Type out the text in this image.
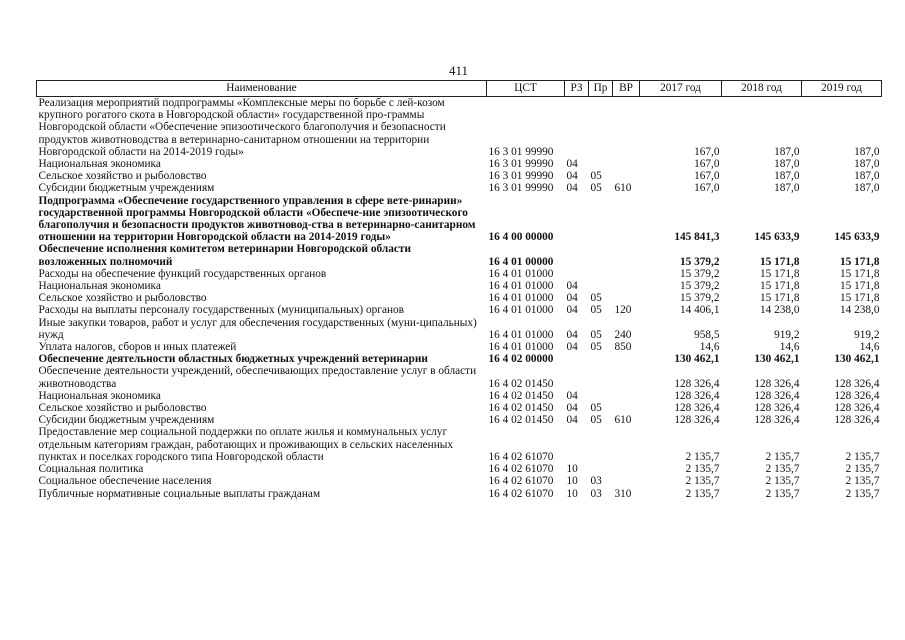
411
Наименование	ЦСТ	РЗ	Пр	ВР	2017 год	2018 год	2019 год
Реализация мероприятий подпрограммы «Комплексные меры по борьбе с лей-козом крупного рогатого скота в Новгородской области» государственной про-граммы Новгородской области «Обеспечение эпизоотического благополучия и безопасности продуктов животноводства в ветеринарно-санитарном отношении на территории Новгородской области на 2014-2019 годы»	16 3 01 99990				167,0	187,0	187,0
Национальная экономика	16 3 01 99990	04			167,0	187,0	187,0
Сельское хозяйство и рыболовство	16 3 01 99990	04	05		167,0	187,0	187,0
Субсидии бюджетным учреждениям	16 3 01 99990	04	05	610	167,0	187,0	187,0
Подпрограмма «Обеспечение государственного управления в сфере вете-ринарии» государственной программы Новгородской области «Обеспече-ние эпизоотического благополучия и безопасности продуктов животновод-ства в ветеринарно-санитарном отношении на территории Новгородской области на 2014-2019 годы»	16 4 00 00000				145 841,3	145 633,9	145 633,9
Обеспечение исполнения комитетом ветеринарии Новгородской области возложенных полномочий	16 4 01 00000				15 379,2	15 171,8	15 171,8
Расходы на обеспечение функций государственных органов	16 4 01 01000				15 379,2	15 171,8	15 171,8
Национальная экономика	16 4 01 01000	04			15 379,2	15 171,8	15 171,8
Сельское хозяйство и рыболовство	16 4 01 01000	04	05		15 379,2	15 171,8	15 171,8
Расходы на выплаты персоналу государственных (муниципальных) органов	16 4 01 01000	04	05	120	14 406,1	14 238,0	14 238,0
Иные закупки товаров, работ и услуг для обеспечения государственных (муни-ципальных) нужд	16 4 01 01000	04	05	240	958,5	919,2	919,2
Уплата налогов, сборов и иных платежей	16 4 01 01000	04	05	850	14,6	14,6	14,6
Обеспечение деятельности областных бюджетных учреждений ветеринарии	16 4 02 00000				130 462,1	130 462,1	130 462,1
Обеспечение деятельности учреждений, обеспечивающих предоставление услуг в области животноводства	16 4 02 01450				128 326,4	128 326,4	128 326,4
Национальная экономика	16 4 02 01450	04			128 326,4	128 326,4	128 326,4
Сельское хозяйство и рыболовство	16 4 02 01450	04	05		128 326,4	128 326,4	128 326,4
Субсидии бюджетным учреждениям	16 4 02 01450	04	05	610	128 326,4	128 326,4	128 326,4
Предоставление мер социальной поддержки по оплате жилья и коммунальных услуг отдельным категориям граждан, работающих и проживающих в сельских населенных пунктах и поселках городского типа Новгородской области	16 4 02 61070				2 135,7	2 135,7	2 135,7
Социальная политика	16 4 02 61070	10			2 135,7	2 135,7	2 135,7
Социальное обеспечение населения	16 4 02 61070	10	03		2 135,7	2 135,7	2 135,7
Публичные нормативные социальные выплаты гражданам	16 4 02 61070	10	03	310	2 135,7	2 135,7	2 135,7
